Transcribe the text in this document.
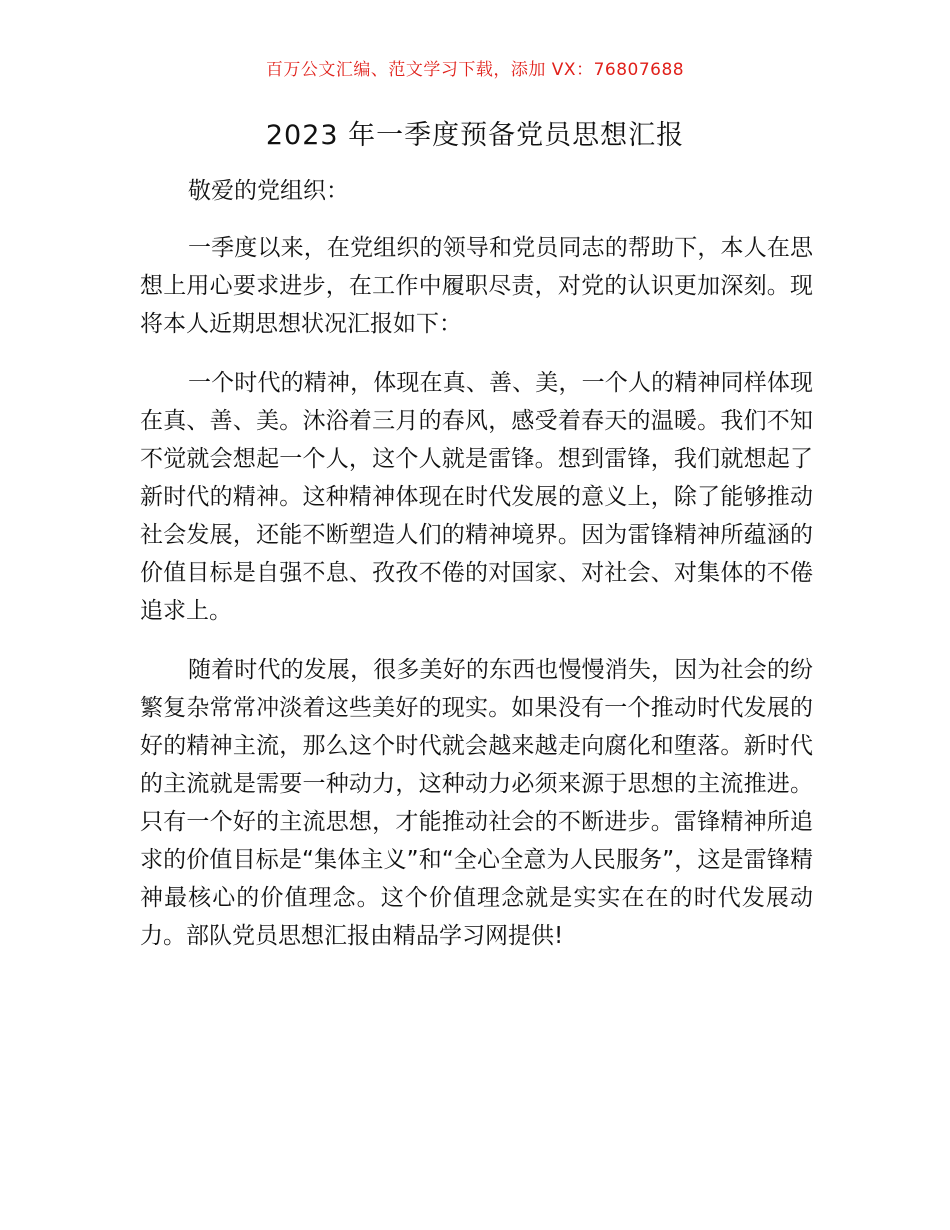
百万公文汇编、范文学习下载，添加 VX：76807688
2023 年一季度预备党员思想汇报

敬爱的党组织：

一季度以来，在党组织的领导和党员同志的帮助下，本人在思想上用心要求进步，在工作中履职尽责，对党的认识更加深刻。现将本人近期思想状况汇报如下：

一个时代的精神，体现在真、善、美，一个人的精神同样体现在真、善、美。沐浴着三月的春风，感受着春天的温暖。我们不知不觉就会想起一个人，这个人就是雷锋。想到雷锋，我们就想起了新时代的精神。这种精神体现在时代发展的意义上，除了能够推动社会发展，还能不断塑造人们的精神境界。因为雷锋精神所蕴涵的价值目标是自强不息、孜孜不倦的对国家、对社会、对集体的不倦追求上。

随着时代的发展，很多美好的东西也慢慢消失，因为社会的纷繁复杂常常冲淡着这些美好的现实。如果没有一个推动时代发展的好的精神主流，那么这个时代就会越来越走向腐化和堕落。新时代的主流就是需要一种动力，这种动力必须来源于思想的主流推进。只有一个好的主流思想，才能推动社会的不断进步。雷锋精神所追求的价值目标是“集体主义”和“全心全意为人民服务”，这是雷锋精神最核心的价值理念。这个价值理念就是实实在在的时代发展动力。部队党员思想汇报由精品学习网提供!
